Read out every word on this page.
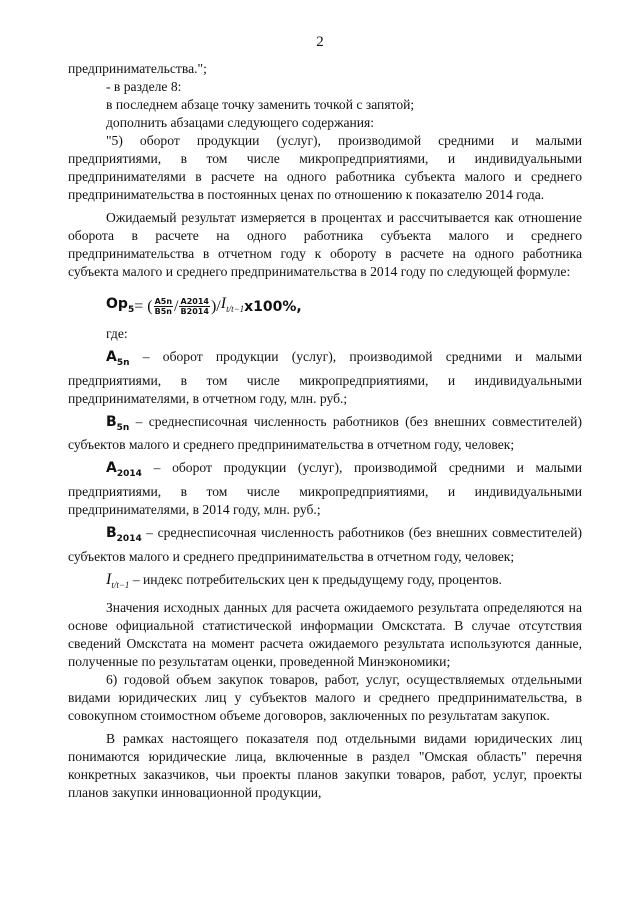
2

предпринимательства.";

- в разделе 8:

в последнем абзаце точку заменить точкой с запятой;

дополнить абзацами следующего содержания:

"5) оборот продукции (услуг), производимой средними и малыми предприятиями, в том числе микропредприятиями, и индивидуальными предпринимателями в расчете на одного работника субъекта малого и среднего предпринимательства в постоянных ценах по отношению к показателю 2014 года.

Ожидаемый результат измеряется в процентах и рассчитывается как отношение оборота в расчете на одного работника субъекта малого и среднего предпринимательства в отчетном году к обороту в расчете на одного работника субъекта малого и среднего предпринимательства в 2014 году по следующей формуле:

$Op_5$ = ( $\frac{A5n}{B5n} / \frac{A2014}{B2014}$ )/ $I_{t/t-1}$ x100%,

где:

$A_{5n}$ – оборот продукции (услуг), производимой средними и малыми предприятиями, в том числе микропредприятиями, и индивидуальными предпринимателями, в отчетном году, млн. руб.;

$B_{5n}$ – среднесписочная численность работников (без внешних совместителей) субъектов малого и среднего предпринимательства в отчетном году, человек;

$A_{2014}$ – оборот продукции (услуг), производимой средними и малыми предприятиями, в том числе микропредприятиями, и индивидуальными предпринимателями, в 2014 году, млн. руб.;

$B_{2014}$ – среднесписочная численность работников (без внешних совместителей) субъектов малого и среднего предпринимательства в отчетном году, человек;

$I_{t/t-1}$ – индекс потребительских цен к предыдущему году, процентов.

Значения исходных данных для расчета ожидаемого результата определяются на основе официальной статистической информации Омскстата. В случае отсутствия сведений Омскстата на момент расчета ожидаемого результата используются данные, полученные по результатам оценки, проведенной Минэкономики;

6) годовой объем закупок товаров, работ, услуг, осуществляемых отдельными видами юридических лиц у субъектов малого и среднего предпринимательства, в совокупном стоимостном объеме договоров, заключенных по результатам закупок.

В рамках настоящего показателя под отдельными видами юридических лиц понимаются юридические лица, включенные в раздел "Омская область" перечня конкретных заказчиков, чьи проекты планов закупки товаров, работ, услуг, проекты планов закупки инновационной продукции,
